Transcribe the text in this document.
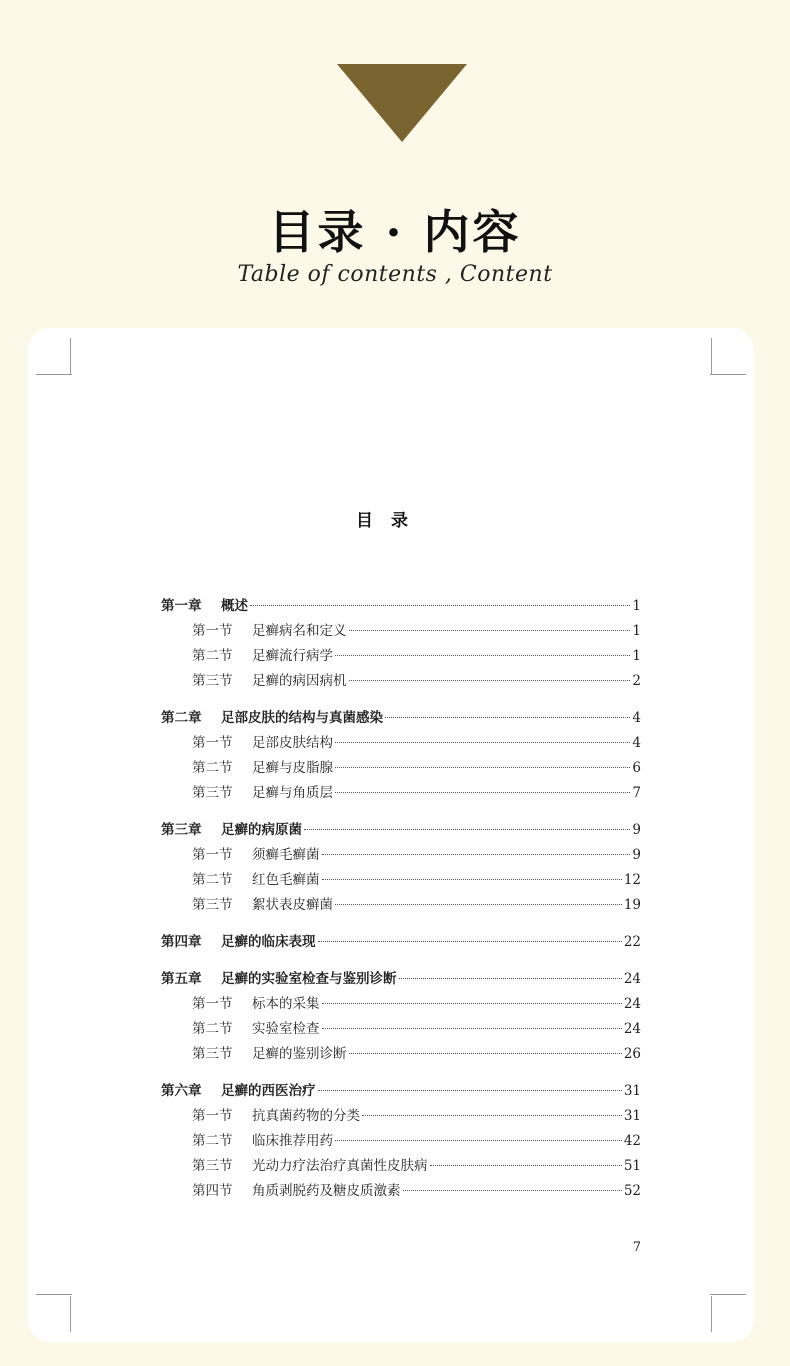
目录 · 内容
Table of contents , Content
目录
第一章	概述	1
第一节	足癣病名和定义	1
第二节	足癣流行病学	1
第三节	足癣的病因病机	2
第二章	足部皮肤的结构与真菌感染	4
第一节	足部皮肤结构	4
第二节	足癣与皮脂腺	6
第三节	足癣与角质层	7
第三章	足癣的病原菌	9
第一节	须癣毛癣菌	9
第二节	红色毛癣菌	12
第三节	絮状表皮癣菌	19
第四章	足癣的临床表现	22
第五章	足癣的实验室检查与鉴别诊断	24
第一节	标本的采集	24
第二节	实验室检查	24
第三节	足癣的鉴别诊断	26
第六章	足癣的西医治疗	31
第一节	抗真菌药物的分类	31
第二节	临床推荐用药	42
第三节	光动力疗法治疗真菌性皮肤病	51
第四节	角质剥脱药及糖皮质激素	52
7
